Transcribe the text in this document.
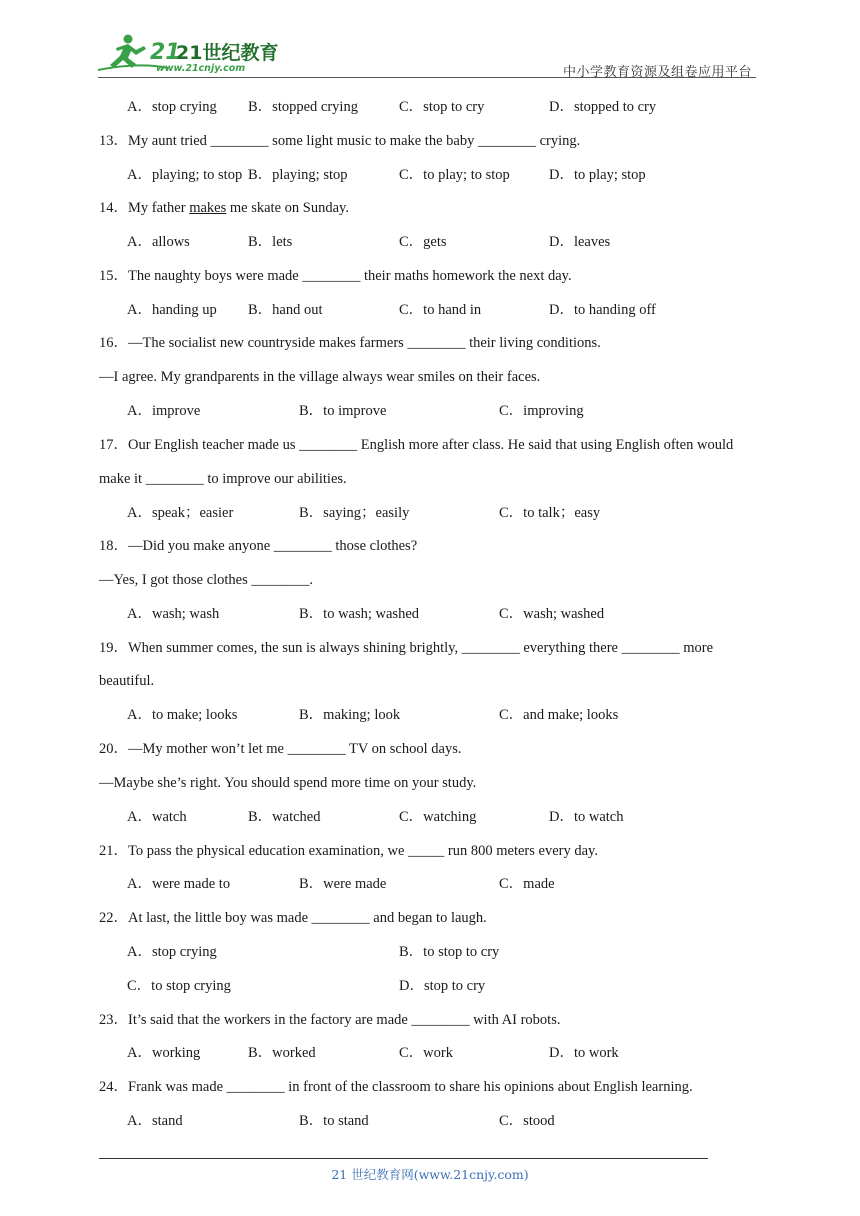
21
21世纪教育
www.21cnjy.com	中小学教育资源及组卷应用平台
A．stop crying B．stopped crying	C．stop to cry	D．stopped to cry
13．My aunt tried ________ some light music to make the baby ________ crying.
A．playing; to stop B．playing; stop	C．to play; to stop	D．to play; stop
14．My father makes me skate on Sunday.
A．allows	B．lets	C．gets	D．leaves
15．The naughty boys were made ________ their maths homework the next day.
A．handing up B．hand out	C．to hand in	D．to handing off
16．—The socialist new countryside makes farmers ________ their living conditions.
—I agree. My grandparents in the village always wear smiles on their faces.
A．improve	B．to improve	C．improving
17．Our English teacher made us ________ English more after class. He said that using English often would
make it ________ to improve our abilities.
A．speak；easier	B．saying；easily	C．to talk；easy
18．—Did you make anyone ________ those clothes?
—Yes, I got those clothes ________.
A．wash; wash	B．to wash; washed	C．wash; washed
19．When summer comes, the sun is always shining brightly, ________ everything there ________ more
beautiful.
A．to make; looks	B．making; look	C．and make; looks
20．—My mother won’t let me ________ TV on school days.
—Maybe she’s right. You should spend more time on your study.
A．watch	B．watched	C．watching	D．to watch
21．To pass the physical education examination, we _____ run 800 meters every day.
A．were made to	B．were made	C．made
22．At last, the little boy was made ________ and began to laugh.
A．stop crying	B．to stop to cry
C．to stop crying	D．stop to cry
23．It’s said that the workers in the factory are made ________ with AI robots.
A．working	B．worked	C．work	D．to work
24．Frank was made ________ in front of the classroom to share his opinions about English learning.
A．stand	B．to stand	C．stood
21 世纪教育网(www.21cnjy.com)
